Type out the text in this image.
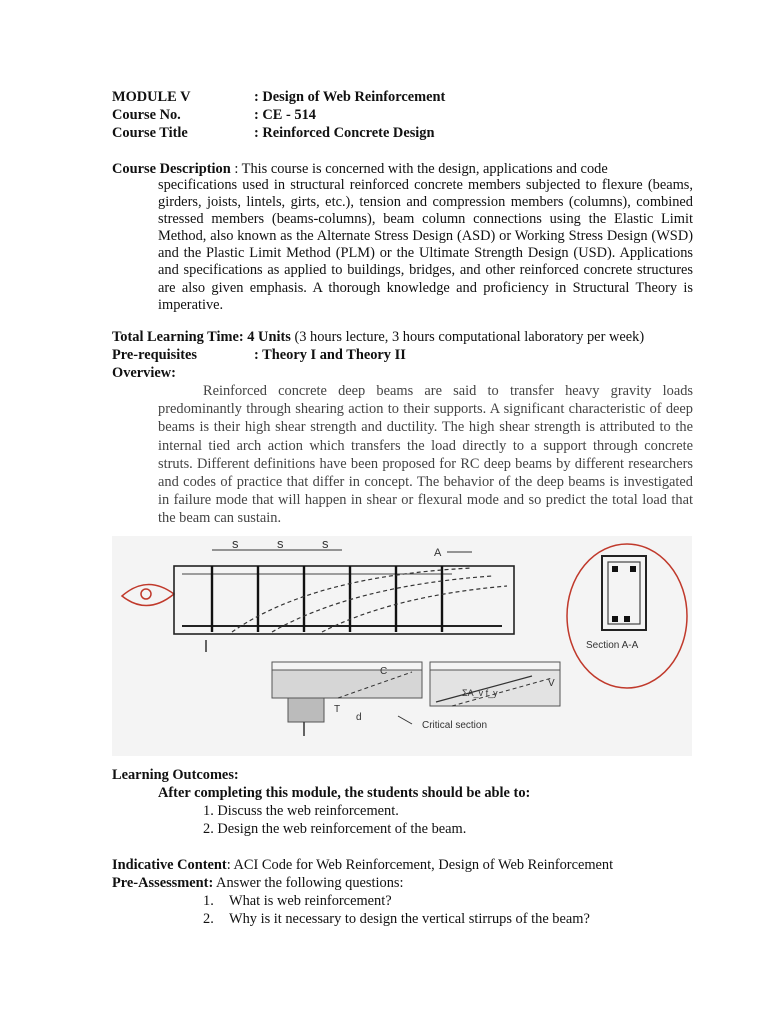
MODULE V	: Design of Web Reinforcement
Course No.	: CE - 514
Course Title	: Reinforced Concrete Design
Course Description : This course is concerned with the design, applications and code
specifications used in structural reinforced concrete members subjected to flexure (beams, girders, joists, lintels, girts, etc.), tension and compression members (columns), combined stressed members (beams-columns), beam column connections using the Elastic Limit Method, also known as the Alternate Stress Design (ASD) or Working Stress Design (WSD) and the Plastic Limit Method (PLM) or the Ultimate Strength Design (USD). Applications and specifications as applied to buildings, bridges, and other reinforced concrete structures are also given emphasis. A thorough knowledge and proficiency in Structural Theory is imperative.
Total Learning Time: 4 Units (3 hours lecture, 3 hours computational laboratory per week)
Pre-requisites	: Theory I and Theory II
Overview:
Reinforced concrete deep beams are said to transfer heavy gravity loads predominantly through shearing action to their supports. A significant characteristic of deep beams is their high shear strength and ductility. The high shear strength is attributed to the internal tied arch action which transfers the load directly to a support through concrete struts. Different definitions have been proposed for RC deep beams by different researchers and codes of practice that differ in concept. The behavior of the deep beams is investigated in failure mode that will happen in shear or flexural mode and so predict the total load that the beam can sustain.
s	s	s
A
Section A-A
C
T
d
ΣA_v f_y
V
Critical section
Learning Outcomes:
After completing this module, the students should be able to:
1. Discuss the web reinforcement.
2. Design the web reinforcement of the beam.
Indicative Content: ACI Code for Web Reinforcement, Design of Web Reinforcement
Pre-Assessment: Answer the following questions:
1. What is web reinforcement?
2. Why is it necessary to design the vertical stirrups of the beam?
